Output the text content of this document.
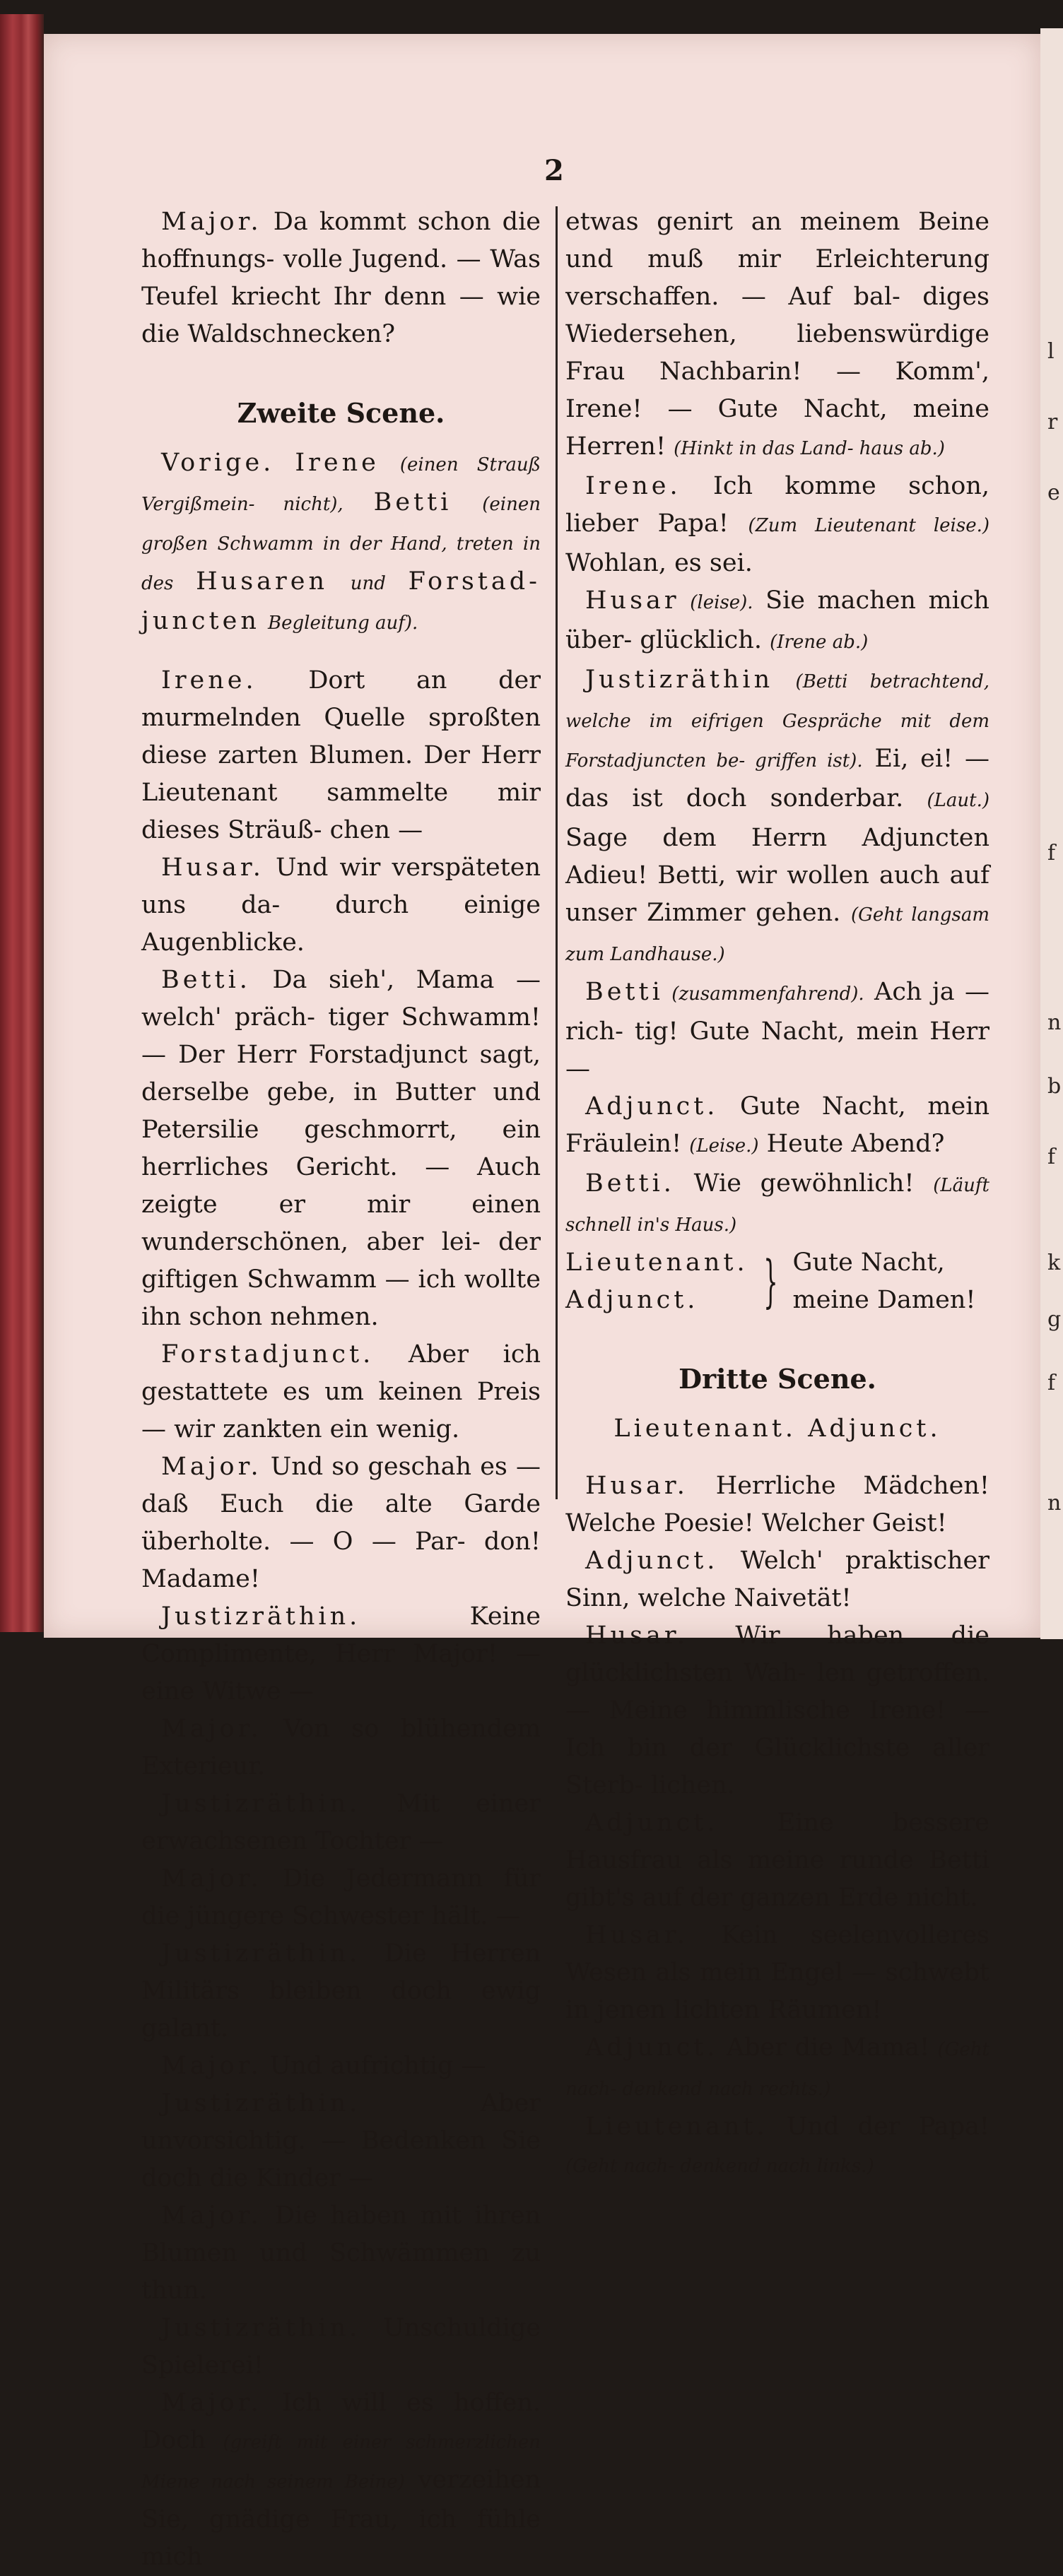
2

Major. Da kommt schon die hoffnungs- volle Jugend. — Was Teufel kriecht Ihr denn — wie die Waldschnecken?

Zweite Scene.

Vorige. Irene (einen Strauß Vergißmein- nicht), Betti (einen großen Schwamm in der Hand, treten in des Husaren und Forstad- juncten Begleitung auf).

Irene. Dort an der murmelnden Quelle sproßten diese zarten Blumen. Der Herr Lieutenant sammelte mir dieses Sträuß- chen —

Husar. Und wir verspäteten uns da- durch einige Augenblicke.

Betti. Da sieh', Mama — welch' präch- tiger Schwamm! — Der Herr Forstadjunct sagt, derselbe gebe, in Butter und Petersilie geschmorrt, ein herrliches Gericht. — Auch zeigte er mir einen wunderschönen, aber lei- der giftigen Schwamm — ich wollte ihn schon nehmen.

Forstadjunct. Aber ich gestattete es um keinen Preis — wir zankten ein wenig.

Major. Und so geschah es — daß Euch die alte Garde überholte. — O — Par- don! Madame!

Justizräthin. Keine Complimente, Herr Major! — eine Witwe —

Major. Von so blühendem Exterieur.

Justizräthin. Mit einer erwachsenen Tochter —

Major. Die Jedermann für die jüngere Schwester hält. —

Justizräthin. Die Herren Militärs bleiben doch ewig galant.

Major. Und aufrichtig —

Justizräthin. Aber unvorsichtig. — Bedenken Sie doch die Kinder —

Major. Die haben mit ihren Blumen und Schwämmen zu thun.

Justizräthin. Unschuldige Spielerei!

Major. Ich will es hoffen. Doch (greift mit einer schmerzlichen Miene nach seinem Beine) verzeihen Sie, gnädige Frau, ich fühle mich

etwas genirt an meinem Beine und muß mir Erleichterung verschaffen. — Auf bal- diges Wiedersehen, liebenswürdige Frau Nachbarin! — Komm', Irene! — Gute Nacht, meine Herren! (Hinkt in das Land- haus ab.)

Irene. Ich komme schon, lieber Papa! (Zum Lieutenant leise.) Wohlan, es sei.

Husar (leise). Sie machen mich über- glücklich. (Irene ab.)

Justizräthin (Betti betrachtend, welche im eifrigen Gespräche mit dem Forstadjuncten be- griffen ist). Ei, ei! — das ist doch sonderbar. (Laut.) Sage dem Herrn Adjuncten Adieu! Betti, wir wollen auch auf unser Zimmer gehen. (Geht langsam zum Landhause.)

Betti (zusammenfahrend). Ach ja — rich- tig! Gute Nacht, mein Herr —

Adjunct. Gute Nacht, mein Fräulein! (Leise.) Heute Abend?

Betti. Wie gewöhnlich! (Läuft schnell in's Haus.)

Lieutenant.
Adjunct.	} Gute Nacht, meine Damen!

Dritte Scene.

Lieutenant. Adjunct.

Husar. Herrliche Mädchen! Welche Poesie! Welcher Geist!

Adjunct. Welch' praktischer Sinn, welche Naivetät!

Husar. Wir haben die glücklichsten Wah- len getroffen. — Meine himmlische Irene! — Ich bin der Glücklichste aller Sterb- lichen.

Adjunct. Eine bessere Hausfrau als meine runde Betti gibt's auf der ganzen Erde nicht.

Husar. Kein seelenvolleres Wesen als mein Engel — schwebt in jenen lichten Räumen!

Adjunct. Aber die Mama! (Geht nach- denkend nach rechts.)

Lieutenant. Und der Papa! (Geht nach- denkend nach links.)

l
r
e
f
n
b
f
k
g
f
n
